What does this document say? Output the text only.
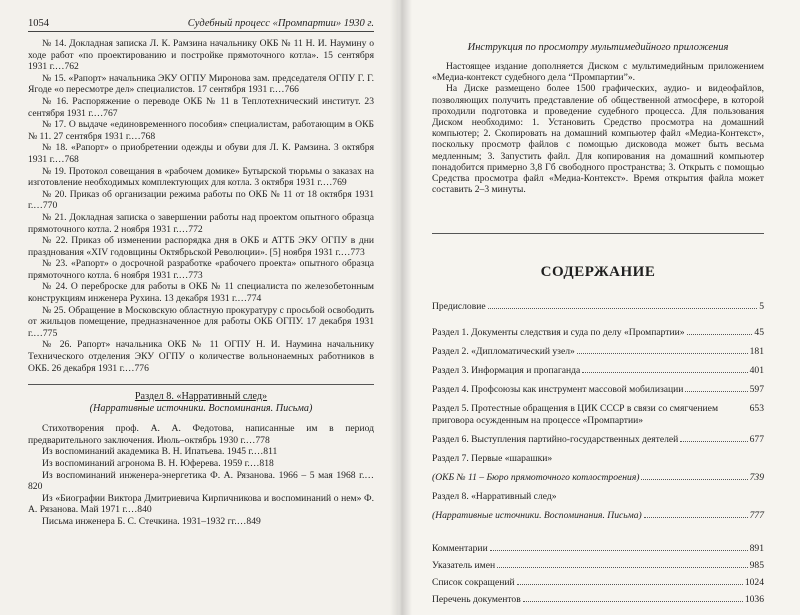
1054	Судебный процесс «Промпартии» 1930 г.

№ 14. Докладная записка Л. К. Рамзина начальнику ОКБ № 11 Н. И. Наумину о ходе работ «по проектированию и постройке прямоточного котла». 15 сентября 1931 г.…762

№ 15. «Рапорт» начальника ЭКУ ОГПУ Миронова зам. председателя ОГПУ Г. Г. Ягоде «о пересмотре дел» специалистов. 17 сентября 1931 г.…766

№ 16. Распоряжение о переводе ОКБ № 11 в Теплотехнический институт. 23 сентября 1931 г.…767

№ 17. О выдаче «единовременного пособия» специалистам, работающим в ОКБ № 11. 27 сентября 1931 г.…768

№ 18. «Рапорт» о приобретении одежды и обуви для Л. К. Рамзина. 3 октября 1931 г.…768

№ 19. Протокол совещания в «рабочем домике» Бутырской тюрьмы о заказах на изготовление необходимых комплектующих для котла. 3 октября 1931 г.…769

№ 20. Приказ об организации режима работы по ОКБ № 11 от 18 октября 1931 г.…770

№ 21. Докладная записка о завершении работы над проектом опытного образца прямоточного котла. 2 ноября 1931 г.…772

№ 22. Приказ об изменении распорядка дня в ОКБ и АТТБ ЭКУ ОГПУ в дни празднования «XIV годовщины Октябрьской Революции». [5] ноября 1931 г.…773

№ 23. «Рапорт» о досрочной разработке «рабочего проекта» опытного образца прямоточного котла. 6 ноября 1931 г.…773

№ 24. О переброске для работы в ОКБ № 11 специалиста по железобетонным конструкциям инженера Рухина. 13 декабря 1931 г.…774

№ 25. Обращение в Московскую областную прокуратуру с просьбой освободить от жильцов помещение, предназначенное для работы ОКБ ОГПУ. 17 декабря 1931 г.…775

№ 26. Рапорт» начальника ОКБ № 11 ОГПУ Н. И. Наумина начальнику Технического отделения ЭКУ ОГПУ о количестве вольнонаемных работников в ОКБ. 26 декабря 1931 г.…776

Раздел 8. «Нарративный след»
(Нарративные источники. Воспоминания. Письма)

Стихотворения проф. А. А. Федотова, написанные им в период предварительного заключения. Июль–октябрь 1930 г.…778

Из воспоминаний академика В. Н. Ипатьева. 1945 г.…811

Из воспоминаний агронома В. Н. Юферева. 1959 г.…818

Из воспоминаний инженера-энергетика Ф. А. Рязанова. 1966 – 5 мая 1968 г.…820

Из «Биографии Виктора Дмитриевича Кирпичникова и воспоминаний о нем» Ф. А. Рязанова. Май 1971 г.…840

Письма инженера Б. С. Стечкина. 1931–1932 гг.…849

Инструкция по просмотру мультимедийного приложения

Настоящее издание дополняется Диском с мультимедийным приложением «Медиа-контекст судебного дела “Промпартии”».

На Диске размещено более 1500 графических, аудио- и видеофайлов, позволяющих получить представление об общественной атмосфере, в которой проходили подготовка и проведение судебного процесса. Для пользования Диском необходимо: 1. Установить Средство просмотра на домашний компьютер; 2. Скопировать на домашний компьютер файл «Медиа-Контекст», поскольку просмотр файлов с помощью дисковода может быть весьма медленным; 3. Запустить файл. Для копирования на домашний компьютер понадобится примерно 3,8 Гб свободного пространства; 3. Открыть с помощью Средства просмотра файл «Медиа-Контекст». Время открытия файла может составить 2–3 минуты.

СОДЕРЖАНИЕ
Предисловие	5
Раздел 1. Документы следствия и суда по делу «Промпартии»	45
Раздел 2. «Дипломатический узел»	181
Раздел 3. Информация и пропаганда	401
Раздел 4. Профсоюзы как инструмент массовой мобилизации	597
Раздел 5. Протестные обращения в ЦИК СССР в связи со смягчением приговора осужденным на процессе «Промпартии»
653
Раздел 6. Выступления партийно-государственных деятелей	677
Раздел 7. Первые «шарашки»
(ОКБ № 11 – Бюро прямоточного котлостроения)	739
Раздел 8. «Нарративный след»
(Нарративные источники. Воспоминания. Письма)	777
Комментарии	891
Указатель имен	985
Список сокращений	1024
Перечень документов	1036
